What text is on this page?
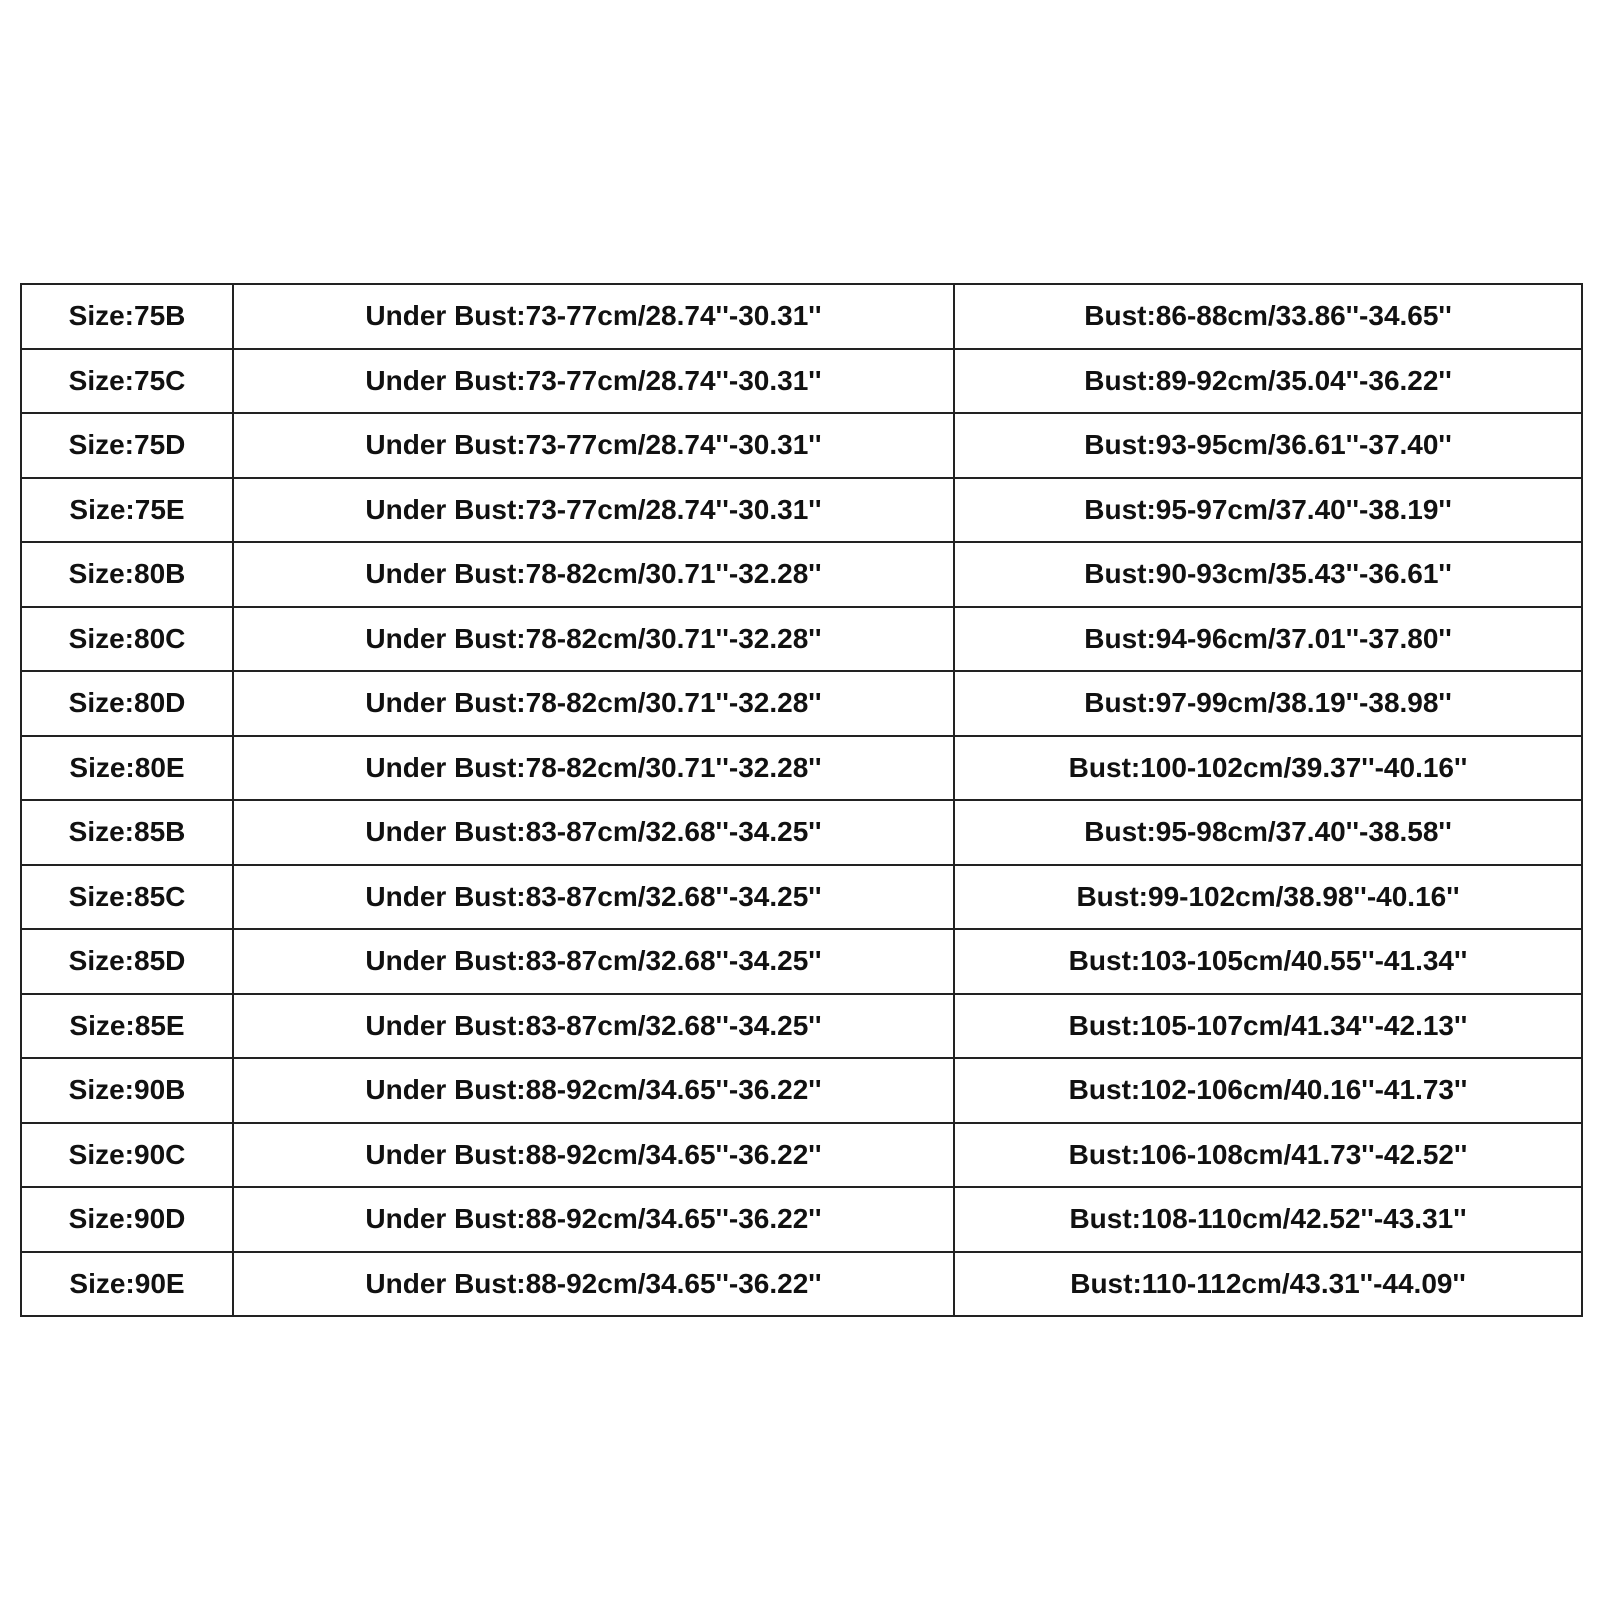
Size:75B	Under Bust:73-77cm/28.74''-30.31''	Bust:86-88cm/33.86''-34.65''
Size:75C	Under Bust:73-77cm/28.74''-30.31''	Bust:89-92cm/35.04''-36.22''
Size:75D	Under Bust:73-77cm/28.74''-30.31''	Bust:93-95cm/36.61''-37.40''
Size:75E	Under Bust:73-77cm/28.74''-30.31''	Bust:95-97cm/37.40''-38.19''
Size:80B	Under Bust:78-82cm/30.71''-32.28''	Bust:90-93cm/35.43''-36.61''
Size:80C	Under Bust:78-82cm/30.71''-32.28''	Bust:94-96cm/37.01''-37.80''
Size:80D	Under Bust:78-82cm/30.71''-32.28''	Bust:97-99cm/38.19''-38.98''
Size:80E	Under Bust:78-82cm/30.71''-32.28''	Bust:100-102cm/39.37''-40.16''
Size:85B	Under Bust:83-87cm/32.68''-34.25''	Bust:95-98cm/37.40''-38.58''
Size:85C	Under Bust:83-87cm/32.68''-34.25''	Bust:99-102cm/38.98''-40.16''
Size:85D	Under Bust:83-87cm/32.68''-34.25''	Bust:103-105cm/40.55''-41.34''
Size:85E	Under Bust:83-87cm/32.68''-34.25''	Bust:105-107cm/41.34''-42.13''
Size:90B	Under Bust:88-92cm/34.65''-36.22''	Bust:102-106cm/40.16''-41.73''
Size:90C	Under Bust:88-92cm/34.65''-36.22''	Bust:106-108cm/41.73''-42.52''
Size:90D	Under Bust:88-92cm/34.65''-36.22''	Bust:108-110cm/42.52''-43.31''
Size:90E	Under Bust:88-92cm/34.65''-36.22''	Bust:110-112cm/43.31''-44.09''
